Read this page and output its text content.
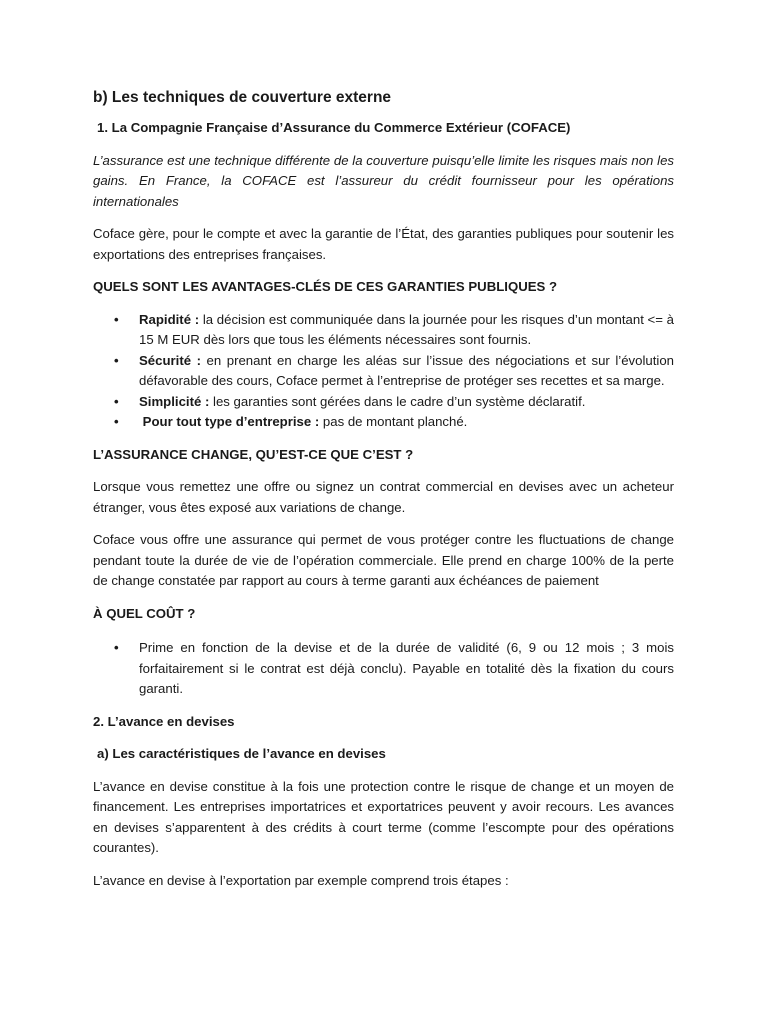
b) Les techniques de couverture externe

1. La Compagnie Française d’Assurance du Commerce Extérieur (COFACE)

L’assurance est une technique différente de la couverture puisqu’elle limite les risques mais non les gains. En France, la COFACE est l’assureur du crédit fournisseur pour les opérations internationales

Coface gère, pour le compte et avec la garantie de l’État, des garanties publiques pour soutenir les exportations des entreprises françaises.

QUELS SONT LES AVANTAGES-CLÉS DE CES GARANTIES PUBLIQUES ?

• Rapidité : la décision est communiquée dans la journée pour les risques d’un montant <= à 15 M EUR dès lors que tous les éléments nécessaires sont fournis.
• Sécurité : en prenant en charge les aléas sur l’issue des négociations et sur l’évolution défavorable des cours, Coface permet à l’entreprise de protéger ses recettes et sa marge.
• Simplicité : les garanties sont gérées dans le cadre d’un système déclaratif.
• Pour tout type d’entreprise : pas de montant planché.

L’ASSURANCE CHANGE, QU’EST-CE QUE C’EST ?

Lorsque vous remettez une offre ou signez un contrat commercial en devises avec un acheteur étranger, vous êtes exposé aux variations de change.

Coface vous offre une assurance qui permet de vous protéger contre les fluctuations de change pendant toute la durée de vie de l’opération commerciale. Elle prend en charge 100% de la perte de change constatée par rapport au cours à terme garanti aux échéances de paiement

À QUEL COÛT ?

• Prime en fonction de la devise et de la durée de validité (6, 9 ou 12 mois ; 3 mois forfaitairement si le contrat est déjà conclu). Payable en totalité dès la fixation du cours garanti.

2. L’avance en devises

a) Les caractéristiques de l’avance en devises

L’avance en devise constitue à la fois une protection contre le risque de change et un moyen de financement. Les entreprises importatrices et exportatrices peuvent y avoir recours. Les avances en devises s’apparentent à des crédits à court terme (comme l’escompte pour des opérations courantes).

L’avance en devise à l’exportation par exemple comprend trois étapes :
